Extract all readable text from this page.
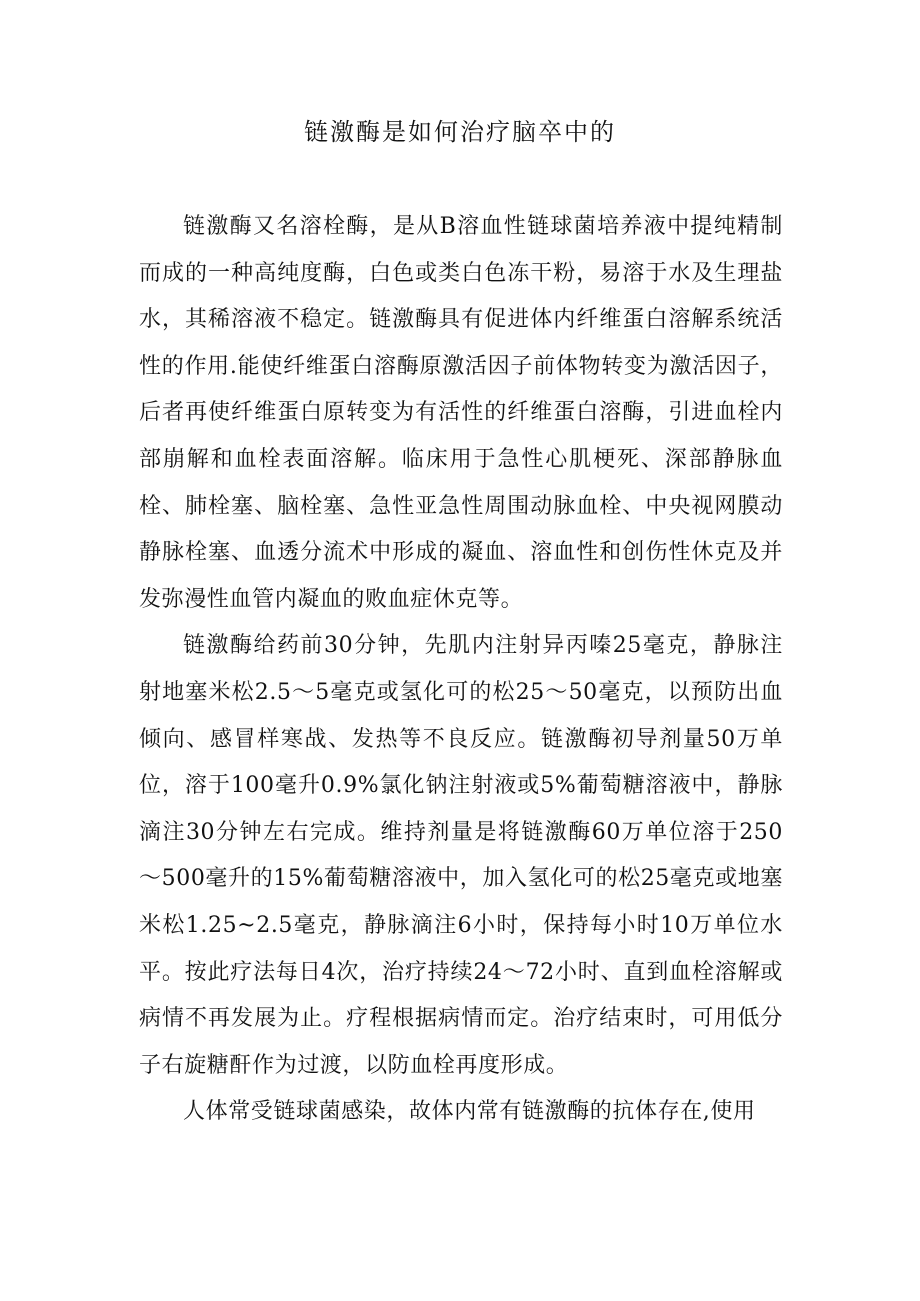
链激酶是如何治疗脑卒中的

链激酶又名溶栓酶，是从B溶血性链球菌培养液中提纯精制而成的一种高纯度酶，白色或类白色冻干粉，易溶于水及生理盐水，其稀溶液不稳定。链激酶具有促进体内纤维蛋白溶解系统活性的作用.能使纤维蛋白溶酶原激活因子前体物转变为激活因子，后者再使纤维蛋白原转变为有活性的纤维蛋白溶酶，引进血栓内部崩解和血栓表面溶解。临床用于急性心肌梗死、深部静脉血栓、肺栓塞、脑栓塞、急性亚急性周围动脉血栓、中央视网膜动静脉栓塞、血透分流术中形成的凝血、溶血性和创伤性休克及并发弥漫性血管内凝血的败血症休克等。

链激酶给药前30分钟，先肌内注射异丙嗪25毫克，静脉注射地塞米松2.5～5毫克或氢化可的松25～50毫克，以预防出血倾向、感冒样寒战、发热等不良反应。链激酶初导剂量50万单位，溶于100毫升0.9%氯化钠注射液或5%葡萄糖溶液中，静脉滴注30分钟左右完成。维持剂量是将链激酶60万单位溶于250～500毫升的15%葡萄糖溶液中，加入氢化可的松25毫克或地塞米松1.25~2.5毫克，静脉滴注6小时，保持每小时10万单位水平。按此疗法每日4次，治疗持续24～72小时、直到血栓溶解或病情不再发展为止。疗程根据病情而定。治疗结束时，可用低分子右旋糖酐作为过渡，以防血栓再度形成。

人体常受链球菌感染，故体内常有链激酶的抗体存在,使用
